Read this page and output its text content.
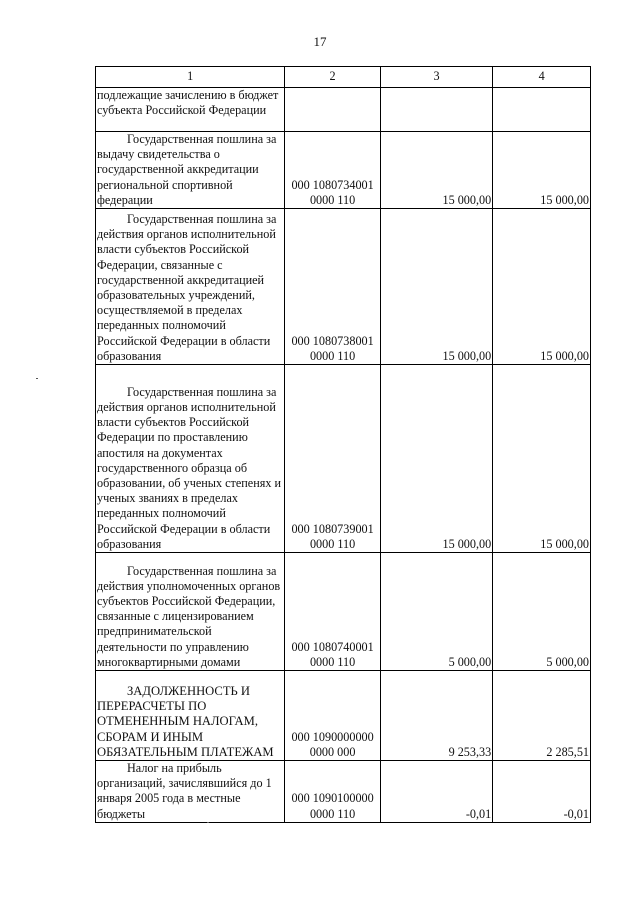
17
1	2	3	4
подлежащие зачислению в бюджет субъекта Российской Федерации			
Государственная пошлина за выдачу свидетельства о государственной аккредитации региональной спортивной федерации	000 1080734001 0000 110	15 000,00	15 000,00
Государственная пошлина за действия органов исполнительной власти субъектов Российской Федерации, связанные с государственной аккредитацией образовательных учреждений, осуществляемой в пределах переданных полномочий Российской Федерации в области образования	000 1080738001 0000 110	15 000,00	15 000,00
Государственная пошлина за действия органов исполнительной власти субъектов Российской Федерации по проставлению апостиля на документах государственного образца об образовании, об ученых степенях и ученых званиях в пределах переданных полномочий Российской Федерации в области образования	000 1080739001 0000 110	15 000,00	15 000,00
Государственная пошлина за действия уполномоченных органов субъектов Российской Федерации, связанные с лицензированием предпринимательской деятельности по управлению многоквартирными домами	000 1080740001 0000 110	5 000,00	5 000,00
ЗАДОЛЖЕННОСТЬ И ПЕРЕРАСЧЕТЫ ПО ОТМЕНЕННЫМ НАЛОГАМ, СБОРАМ И ИНЫМ ОБЯЗАТЕЛЬНЫМ ПЛАТЕЖАМ	000 1090000000 0000 000	9 253,33	2 285,51
Налог на прибыль организаций, зачислявшийся до 1 января 2005 года в местные бюджеты	000 1090100000 0000 110	-0,01	-0,01
